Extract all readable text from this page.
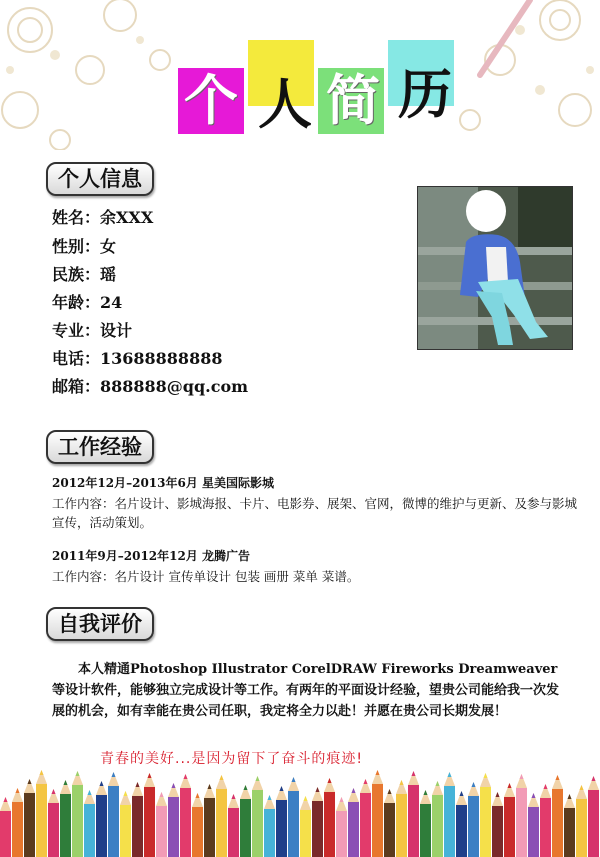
个 人 简 历
个人信息
姓名：余XXX
性别：女
民族：瑶
年龄：24
专业：设计
电话：13688888888
邮箱：888888@qq.com
工作经验
2012年12月–2013年6月 星美国际影城
工作内容：名片设计、影城海报、卡片、电影券、展架、官网，微博的维护与更新、及参与影城宣传，活动策划。
2011年9月–2012年12月 龙腾广告
工作内容：名片设计 宣传单设计 包装 画册 菜单 菜谱。
自我评价
本人精通Photoshop Illustrator CorelDRAW Fireworks Dreamweaver 等设计软件，能够独立完成设计等工作。有两年的平面设计经验，望贵公司能给我一次发展的机会，如有幸能在贵公司任职，我定将全力以赴！并愿在贵公司长期发展！
青春的美好...是因为留下了奋斗的痕迹!
